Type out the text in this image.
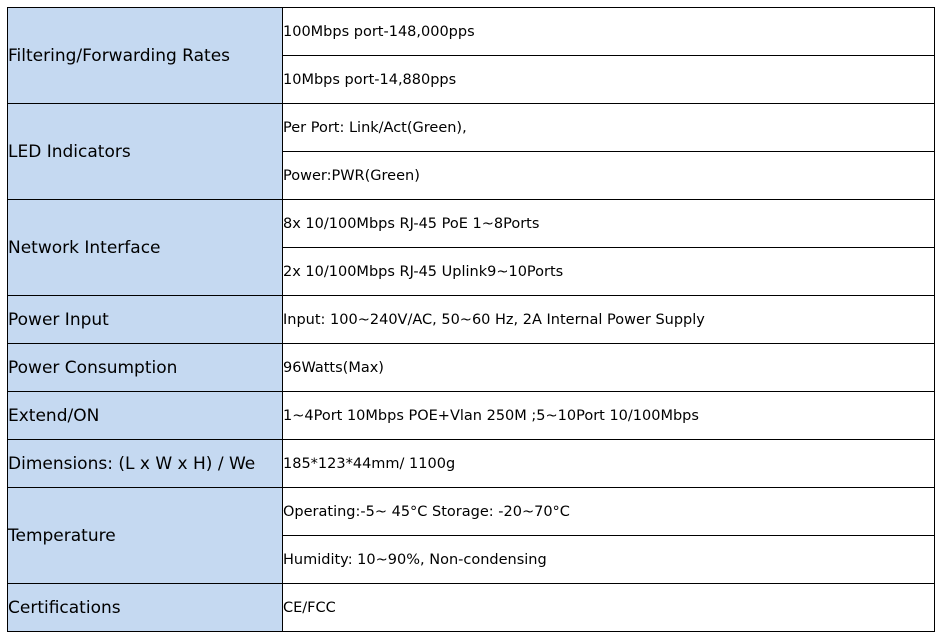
Filtering/Forwarding Rates	100Mbps port-148,000pps

	10Mbps port-14,880pps

LED Indicators	Per Port: Link/Act(Green),

	Power:PWR(Green)

Network Interface	8x 10/100Mbps RJ-45 PoE 1~8Ports

	2x 10/100Mbps RJ-45 Uplink9~10Ports

Power Input	Input: 100~240V/AC, 50~60 Hz, 2A Internal Power Supply

Power Consumption	96Watts(Max)

Extend/ON	1~4Port 10Mbps POE+Vlan 250M ;5~10Port 10/100Mbps

Dimensions: (L x W x H) / We	185*123*44mm/ 1100g

Temperature	Operating:-5~ 45°C Storage: -20~70°C

	Humidity: 10~90%, Non-condensing

Certifications	CE/FCC
